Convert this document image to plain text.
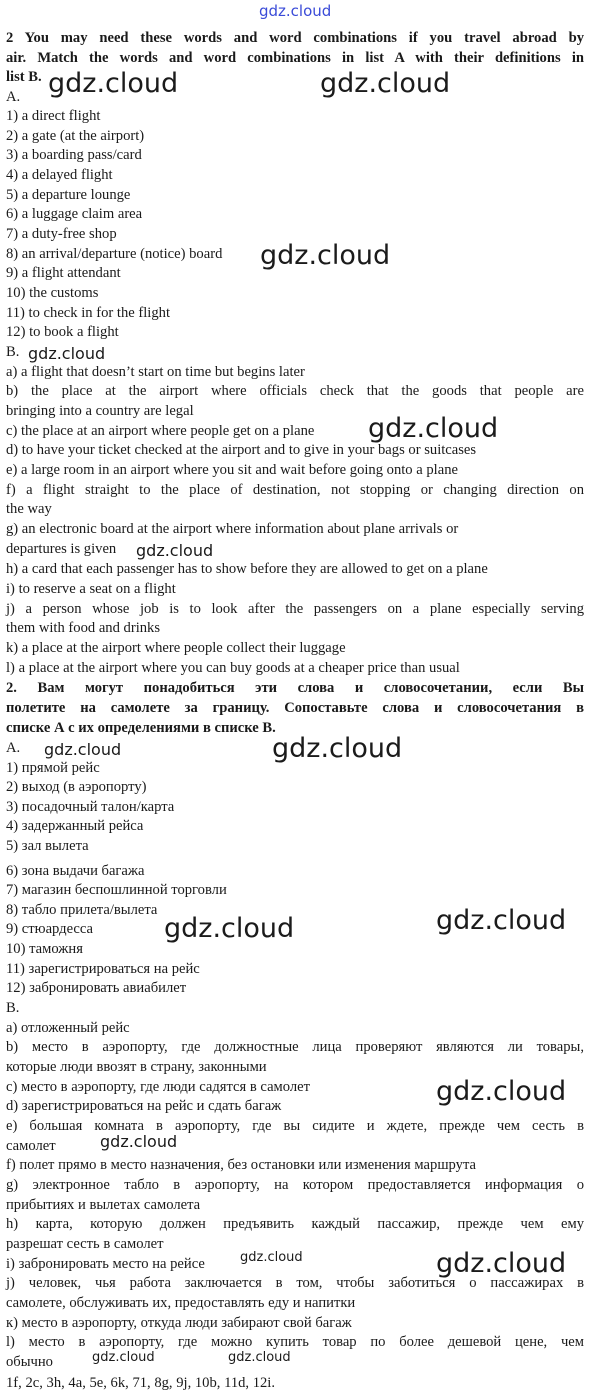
gdz.cloud
2 You may need these words and word combinations if you travel abroad by
air. Match the words and word combinations in list A with their definitions in
list B.
A.
1) a direct flight
2) a gate (at the airport)
3) a boarding pass/card
4) a delayed flight
5) a departure lounge
6) a luggage claim area
7) a duty-free shop
8) an arrival/departure (notice) board
9) a flight attendant
10) the customs
11) to check in for the flight
12) to book a flight
B.
a) a flight that doesn’t start on time but begins later
b) the place at the airport where officials check that the goods that people are
bringing into a country are legal
c) the place at an airport where people get on a plane
d) to have your ticket checked at the airport and to give in your bags or suitcases
e) a large room in an airport where you sit and wait before going onto a plane
f) a flight straight to the place of destination, not stopping or changing direction on
the way
g) an electronic board at the airport where information about plane arrivals or
departures is given
h) a card that each passenger has to show before they are allowed to get on a plane
i) to reserve a seat on a flight
j) a person whose job is to look after the passengers on a plane especially serving
them with food and drinks
k) a place at the airport where people collect their luggage
l) a place at the airport where you can buy goods at a cheaper price than usual
2. Вам могут понадобиться эти слова и словосочетании, если Вы
полетите на самолете за границу. Сопоставьте слова и словосочетания в
списке А с их определениями в списке В.
А.
1) прямой рейс
2) выход (в аэропорту)
3) посадочный талон/карта
4) задержанный рейса
5) зал вылета
6) зона выдачи багажа
7) магазин беспошлинной торговли
8) табло прилета/вылета
9) стюардесса
10) таможня
11) зарегистрироваться на рейс
12) забронировать авиабилет
В.
а) отложенный рейс
b) место в аэропорту, где должностные лица проверяют являются ли товары,
которые люди ввозят в страну, законными
c) место в аэропорту, где люди садятся в самолет
d) зарегистрироваться на рейс и сдать багаж
e) большая комната в аэропорту, где вы сидите и ждете, прежде чем сесть в
самолет
f) полет прямо в место назначения, без остановки или изменения маршрута
g) электронное табло в аэропорту, на котором предоставляется информация о
прибытиях и вылетах самолета
h) карта, которую должен предъявить каждый пассажир, прежде чем ему
разрешат сесть в самолет
i) забронировать место на рейсе
j) человек, чья работа заключается в том, чтобы заботиться о пассажирах в
самолете, обслуживать их, предоставлять еду и напитки
к) место в аэропорту, откуда люди забирают свой багаж
l) место в аэропорту, где можно купить товар по более дешевой цене, чем
обычно
1f, 2c, 3h, 4a, 5e, 6k, 71, 8g, 9j, 10b, 11d, 12i.
gdz.cloud	gdz.cloud
gdz.cloud
gdz.cloud
gdz.cloud
gdz.cloud
gdz.cloud	gdz.cloud
gdz.cloud
gdz.cloud
gdz.cloud
gdz.cloud
gdz.cloud	gdz.cloud
gdz.cloud	gdz.cloud
